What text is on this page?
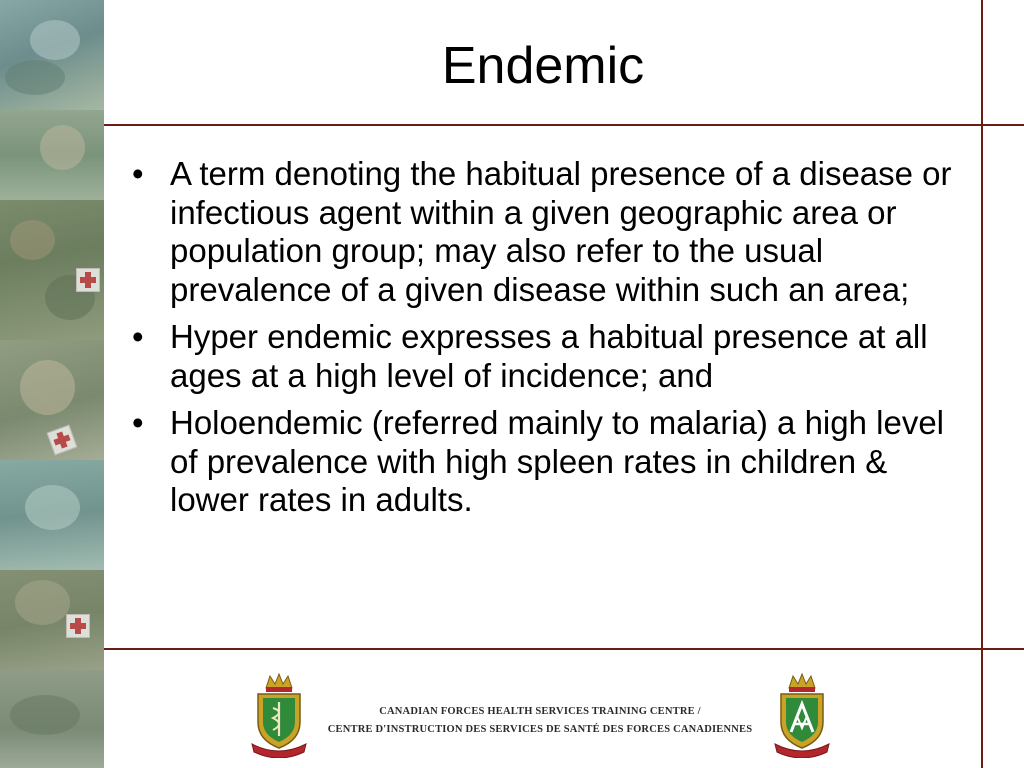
Endemic
• A term denoting the habitual presence of a disease or infectious agent within a given geographic area or population group; may also refer to the usual prevalence of a given disease within such an area;
• Hyper endemic expresses a habitual presence at all ages at a high level of incidence; and
• Holoendemic (referred mainly to malaria) a high level of prevalence with high spleen rates in children & lower rates in adults.
CANADIAN FORCES HEALTH SERVICES TRAINING CENTRE /
CENTRE D'INSTRUCTION DES SERVICES DE SANTÉ DES FORCES CANADIENNES
